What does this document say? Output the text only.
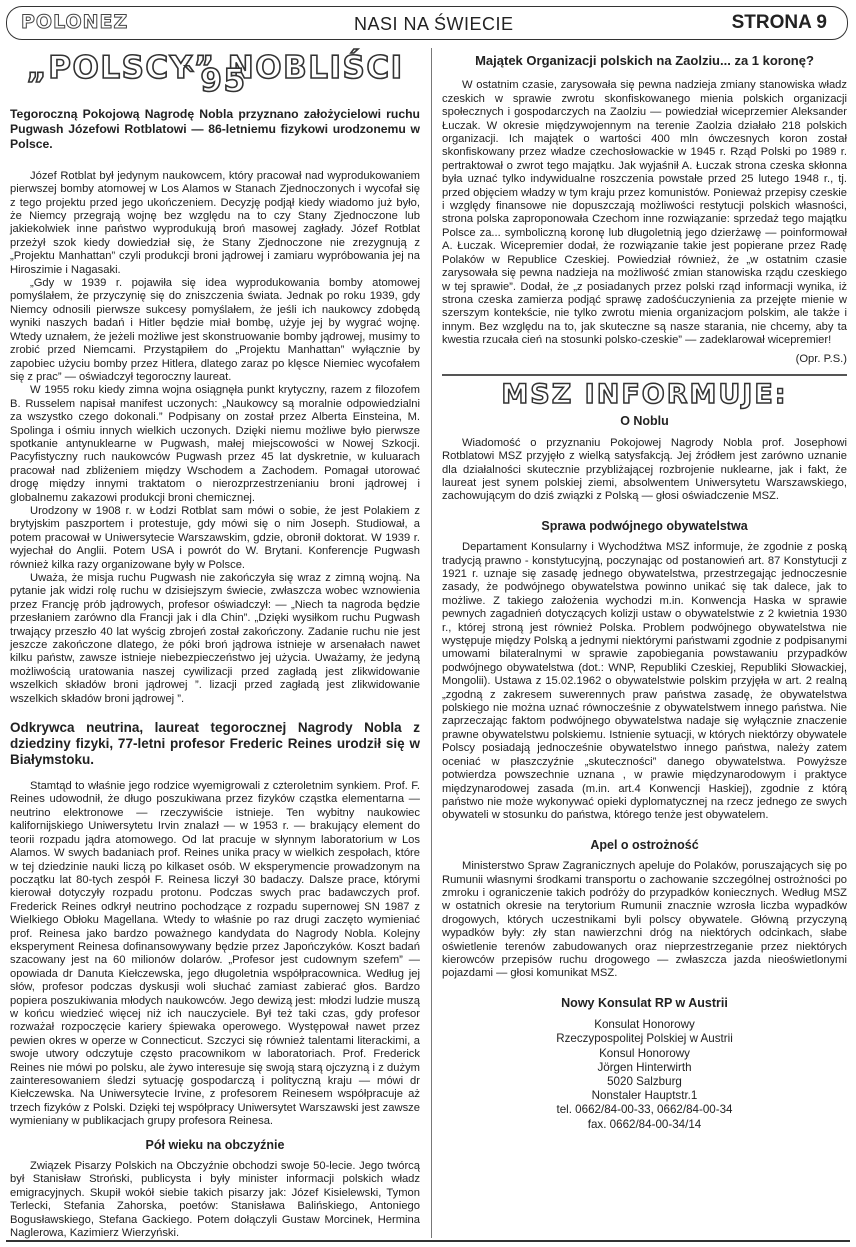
POLONEZ	NASI NA ŚWIECIE	STRONA 9
„POLSCY” NOBLIŚCI `95
Tegoroczną Pokojową Nagrodę Nobla przyznano założycielowi ruchu Pugwash Józefowi Rotblatowi — 86-letniemu fizykowi urodzonemu w Polsce.

Józef Rotblat był jedynym naukowcem, który pracował nad wyprodukowaniem pierwszej bomby atomowej w Los Alamos w Stanach Zjednoczonych i wycofał się z tego projektu przed jego ukończeniem. Decyzję podjął kiedy wiadomo już było, że Niemcy przegrają wojnę bez względu na to czy Stany Zjednoczone lub jakiekolwiek inne państwo wyprodukują broń masowej zagłady. Józef Rotblat przeżył szok kiedy dowiedział się, że Stany Zjednoczone nie zrezygnują z „Projektu Manhattan” czyli produkcji broni jądrowej i zamiaru wypróbowania jej na Hiroszimie i Nagasaki.

„Gdy w 1939 r. pojawiła się idea wyprodukowania bomby atomowej pomyślałem, że przyczynię się do zniszczenia świata. Jednak po roku 1939, gdy Niemcy odnosili pierwsze sukcesy pomyślałem, że jeśli ich naukowcy zdobędą wyniki naszych badań i Hitler będzie miał bombę, użyje jej by wygrać wojnę. Wtedy uznałem, że jeżeli możliwe jest skonstruowanie bomby jądrowej, musimy to zrobić przed Niemcami. Przystąpiłem do „Projektu Manhattan” wyłącznie by zapobiec użyciu bomby przez Hitlera, dlatego zaraz po klęsce Niemiec wycofałem się z prac” — oświadczył tegoroczny laureat.

W 1955 roku kiedy zimna wojna osiągnęła punkt krytyczny, razem z filozofem B. Russelem napisał manifest uczonych: „Naukowcy są moralnie odpowiedzialni za wszystko czego dokonali.” Podpisany on został przez Alberta Einsteina, M. Spolinga i ośmiu innych wielkich uczonych. Dzięki niemu możliwe było pierwsze spotkanie antynuklearne w Pugwash, małej miejscowości w Nowej Szkocji. Pacyfistyczny ruch naukowców Pugwash przez 45 lat dyskretnie, w kuluarach pracował nad zbliżeniem między Wschodem a Zachodem. Pomagał utorować drogę między innymi traktatom o nierozprzestrzenianiu broni jądrowej i globalnemu zakazowi produkcji broni chemicznej.

Urodzony w 1908 r. w Łodzi Rotblat sam mówi o sobie, że jest Polakiem z brytyjskim paszportem i protestuje, gdy mówi się o nim Joseph. Studiował, a potem pracował w Uniwersytecie Warszawskim, gdzie, obronił doktorat. W 1939 r. wyjechał do Anglii. Potem USA i powrót do W. Brytani. Konferencje Pugwash również kilka razy organizowane były w Polsce.

Uważa, że misja ruchu Pugwash nie zakończyła się wraz z zimną wojną. Na pytanie jak widzi rolę ruchu w dzisiejszym świecie, zwłaszcza wobec wznowienia przez Francję prób jądrowych, profesor oświadczył: — „Niech ta nagroda będzie przesłaniem zarówno dla Francji jak i dla Chin”. „Dzięki wysiłkom ruchu Pugwash trwający przeszło 40 lat wyścig zbrojeń został zakończony. Zadanie ruchu nie jest jeszcze zakończone dlatego, że póki broń jądrowa istnieje w arsenałach nawet kilku państw, zawsze istnieje niebezpieczeństwo jej użycia. Uważamy, że jedyną możliwością uratowania naszej cywilizacji przed zagładą jest zlikwidowanie wszelkich składów broni jądrowej ”. lizacji przed zagładą jest zlikwidowanie wszelkich składów broni jądrowej ”.

Odkrywca neutrina, laureat tegorocznej Nagrody Nobla z dziedziny fizyki, 77-letni profesor Frederic Reines urodził się w Białymstoku.

Stamtąd to właśnie jego rodzice wyemigrowali z czteroletnim synkiem. Prof. F. Reines udowodnił, że długo poszukiwana przez fizyków cząstka elementarna — neutrino elektronowe — rzeczywiście istnieje. Ten wybitny naukowiec kalifornijskiego Uniwersytetu Irvin znalazł — w 1953 r. — brakujący element do teorii rozpadu jądra atomowego. Od lat pracuje w słynnym laboratorium w Los Alamos. W swych badaniach prof. Reines unika pracy w wielkich zespołach, które w tej dziedzinie nauki liczą po kilkaset osób. W eksperymencie prowadzonym na początku lat 80-tych zespół F. Reinesa liczył 30 badaczy. Dalsze prace, którymi kierował dotyczyły rozpadu protonu. Podczas swych prac badawczych prof. Frederick Reines odkrył neutrino pochodzące z rozpadu supernowej SN 1987 z Wielkiego Obłoku Magellana. Wtedy to właśnie po raz drugi zaczęto wymieniać prof. Reinesa jako bardzo poważnego kandydata do Nagrody Nobla. Kolejny eksperyment Reinesa dofinansowywany będzie przez Japończyków. Koszt badań szacowany jest na 60 milionów dolarów. „Profesor jest cudownym szefem” — opowiada dr Danuta Kiełczewska, jego długoletnia współpracownica. Według jej słów, profesor podczas dyskusji woli słuchać zamiast zabierać głos. Bardzo popiera poszukiwania młodych naukowców. Jego dewizą jest: młodzi ludzie muszą w końcu wiedzieć więcej niż ich nauczyciele. Był też taki czas, gdy profesor rozważał rozpoczęcie kariery śpiewaka operowego. Występował nawet przez pewien okres w operze w Connecticut. Szczyci się również talentami literackimi, a swoje utwory odczytuje często pracownikom w laboratoriach. Prof. Frederick Reines nie mówi po polsku, ale żywo interesuje się swoją starą ojczyzną i z dużym zainteresowaniem śledzi sytuację gospodarczą i polityczną kraju — mówi dr Kiełczewska. Na Uniwersytecie Irvine, z profesorem Reinesem współpracuje aż trzech fizyków z Polski. Dzięki tej współpracy Uniwersytet Warszawski jest zawsze wymieniany w publikacjach grupy profesora Reinesa.

Pół wieku na obczyźnie

Związek Pisarzy Polskich na Obczyźnie obchodzi swoje 50-lecie. Jego twórcą był Stanisław Stroński, publicysta i były minister informacji polskich władz emigracyjnych. Skupił wokół siebie takich pisarzy jak: Józef Kisielewski, Tymon Terlecki, Stefania Zahorska, poetów: Stanisława Balińskiego, Antoniego Bogusławskiego, Stefana Gackiego. Potem dołączyli Gustaw Morcinek, Hermina Naglerowa, Kazimierz Wierzyński.

Majątek Organizacji polskich na Zaolziu... za 1 koronę?

W ostatnim czasie, zarysowała się pewna nadzieja zmiany stanowiska władz czeskich w sprawie zwrotu skonfiskowanego mienia polskich organizacji społecznych i gospodarczych na Zaolziu — powiedział wiceprzemier Aleksander Łuczak. W okresie międzywojennym na terenie Zaolzia działało 218 polskich organizacji. Ich majątek o wartości 400 mln ówczesnych koron został skonfiskowany przez władze czechosłowackie w 1945 r. Rząd Polski po 1989 r. pertraktował o zwrot tego majątku. Jak wyjaśnił A. Łuczak strona czeska skłonna była uznać tylko indywidualne roszczenia powstałe przed 25 lutego 1948 r., tj. przed objęciem władzy w tym kraju przez komunistów. Ponieważ przepisy czeskie i względy finansowe nie dopuszczają możliwości restytucji polskich własności, strona polska zaproponowała Czechom inne rozwiązanie: sprzedaż tego majątku Polsce za... symboliczną koronę lub długoletnią jego dzierżawę — poinformował A. Łuczak. Wicepremier dodał, że rozwiązanie takie jest popierane przez Radę Polaków w Republice Czeskiej. Powiedział również, że „w ostatnim czasie zarysowała się pewna nadzieja na możliwość zmian stanowiska rządu czeskiego w tej sprawie”. Dodał, że „z posiadanych przez polski rząd informacji wynika, iż strona czeska zamierza podjąć sprawę zadośćuczynienia za przejęte mienie w szerszym kontekście, nie tylko zwrotu mienia organizacjom polskim, ale także i innym. Bez względu na to, jak skuteczne są nasze starania, nie chcemy, aby ta kwestia rzucała cień na stosunki polsko-czeskie” — zadeklarował wicepremier!

(Opr. P.S.)
MSZ INFORMUJE:
O Noblu

Wiadomość o przyznaniu Pokojowej Nagrody Nobla prof. Josephowi Rotblatowi MSZ przyjęło z wielką satysfakcją. Jej źródłem jest zarówno uznanie dla działalności skutecznie przybliżającej rozbrojenie nuklearne, jak i fakt, że laureat jest synem polskiej ziemi, absolwentem Uniwersytetu Warszawskiego, zachowującym do dziś związki z Polską — głosi oświadczenie MSZ.

Sprawa podwójnego obywatelstwa

Departament Konsularny i Wychodźtwa MSZ informuje, że zgodnie z poską tradycją prawno - konstytucyjną, poczynając od postanowień art. 87 Konstytucji z 1921 r. uznaje się zasadę jednego obywatelstwa, przestrzegając jednoczesnie zasady, że podwójnego obywatelstwa powinno unikać się tak dalece, jak to możliwe. Z takiego założenia wychodzi m.in. Konwencja Haska w sprawie pewnych zagadnień dotyczących kolizji ustaw o obywatelstwie z 2 kwietnia 1930 r., której stroną jest również Polska. Problem podwójnego obywatelstwa nie występuje między Polską a jednymi niektórymi państwami zgodnie z podpisanymi umowami bilateralnymi w sprawie zapobiegania powstawaniu przypadków podwójnego obywatelstwa (dot.: WNP, Republiki Czeskiej, Republiki Słowackiej, Mongolii). Ustawa z 15.02.1962 o obywatelstwie polskim przyjęła w art. 2 realną „zgodną z zakresem suwerennych praw państwa zasadę, że obywatelstwa polskiego nie można uznać równocześnie z obywatelstwem innego państwa. Nie zaprzeczając faktom podwójnego obywatelstwa nadaje się wyłącznie znaczenie prawne obywatelstwu polskiemu. Istnienie sytuacji, w których niektórzy obywatele Polscy posiadają jednocześnie obywatelstwo innego państwa, należy zatem oceniać w płaszczyźnie „skuteczności” danego obywatelstwa. Powyższe potwierdza powszechnie uznana , w prawie międzynarodowym i praktyce międzynarodowej zasada (m.in. art.4 Konwencji Haskiej), zgodnie z którą państwo nie może wykonywać opieki dyplomatycznej na rzecz jednego ze swych obywateli w stosunku do państwa, którego tenże jest obywatelem.

Apel o ostrożność

Ministerstwo Spraw Zagranicznych apeluje do Polaków, poruszających się po Rumunii własnymi środkami transportu o zachowanie szczególnej ostrożności po zmroku i ograniczenie takich podróży do przypadków koniecznych. Według MSZ w ostatnich okresie na terytorium Rumunii znacznie wzrosła liczba wypadków drogowych, których uczestnikami byli polscy obywatele. Główną przyczyną wypadków były: zły stan nawierzchni dróg na niektórych odcinkach, słabe oświetlenie terenów zabudowanych oraz nieprzestrzeganie przez niektórych kierowców przepisów ruchu drogowego — zwłaszcza jazda nieoświetlonymi pojazdami — głosi komunikat MSZ.

Nowy Konsulat RP w Austrii
Konsulat Honorowy
Rzeczypospolitej Polskiej w Austrii
Konsul Honorowy
Jörgen Hinterwirth
5020 Salzburg
Nonstaler Hauptstr.1
tel. 0662/84-00-33, 0662/84-00-34
fax. 0662/84-00-34/14
